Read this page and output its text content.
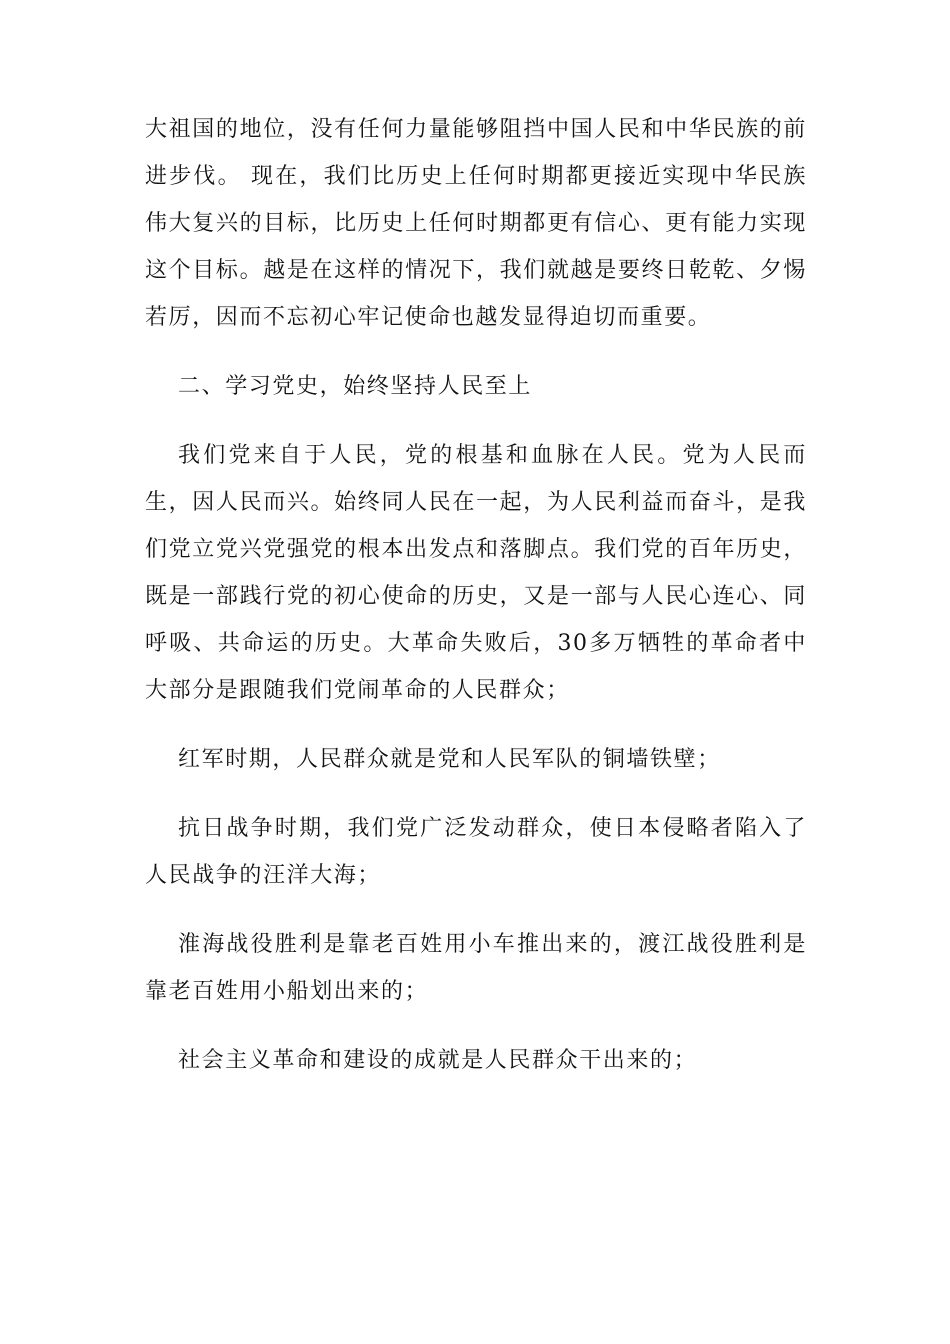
大祖国的地位，没有任何力量能够阻挡中国人民和中华民族的前进步伐。 现在，我们比历史上任何时期都更接近实现中华民族伟大复兴的目标，比历史上任何时期都更有信心、更有能力实现这个目标。越是在这样的情况下，我们就越是要终日乾乾、夕惕若厉，因而不忘初心牢记使命也越发显得迫切而重要。

二、学习党史，始终坚持人民至上

我们党来自于人民，党的根基和血脉在人民。党为人民而生，因人民而兴。始终同人民在一起，为人民利益而奋斗，是我们党立党兴党强党的根本出发点和落脚点。我们党的百年历史，既是一部践行党的初心使命的历史，又是一部与人民心连心、同呼吸、共命运的历史。大革命失败后，30多万牺牲的革命者中大部分是跟随我们党闹革命的人民群众；

红军时期，人民群众就是党和人民军队的铜墙铁壁；

抗日战争时期，我们党广泛发动群众，使日本侵略者陷入了人民战争的汪洋大海；

淮海战役胜利是靠老百姓用小车推出来的，渡江战役胜利是靠老百姓用小船划出来的；

社会主义革命和建设的成就是人民群众干出来的；
